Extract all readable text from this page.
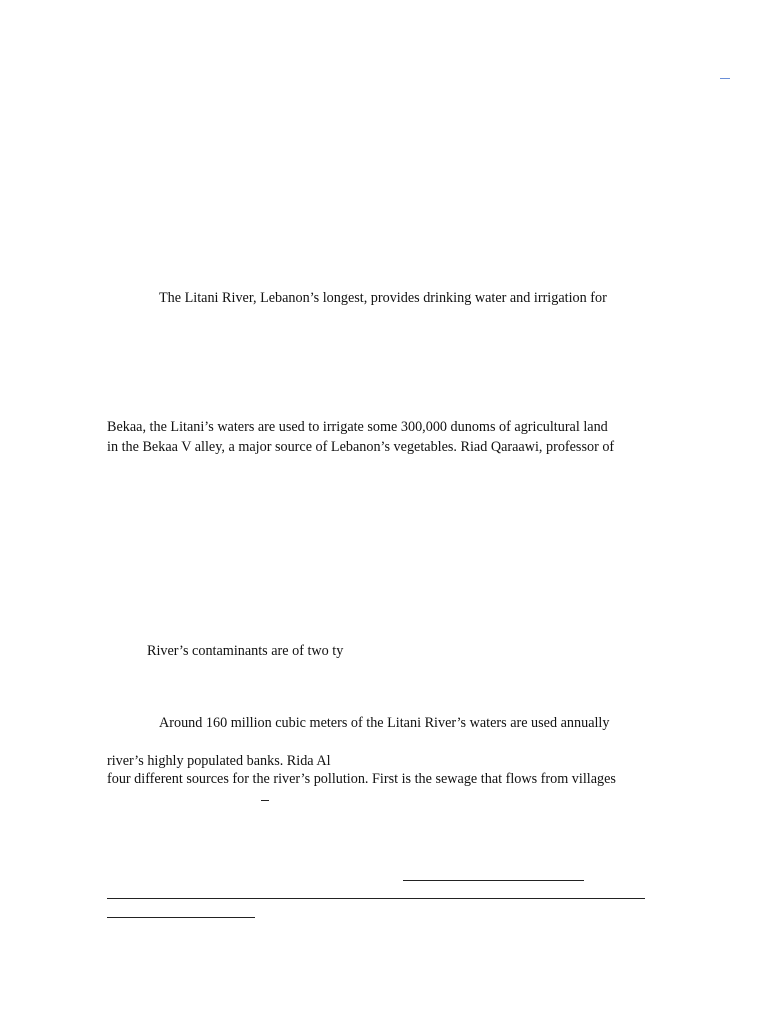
The Litani River, Lebanon’s longest, provides drinking water and irrigation for
Bekaa, the Litani’s waters are used to irrigate some 300,000 dunoms of agricultural land
in the Bekaa V alley, a major source of Lebanon’s vegetables. Riad Qaraawi, professor of
River’s contaminants are of two ty
Around 160 million cubic meters of the Litani River’s waters are used annually
river’s highly populated banks. Rida Al
four different sources for the river’s pollution. First is the sewage that flows from villages
